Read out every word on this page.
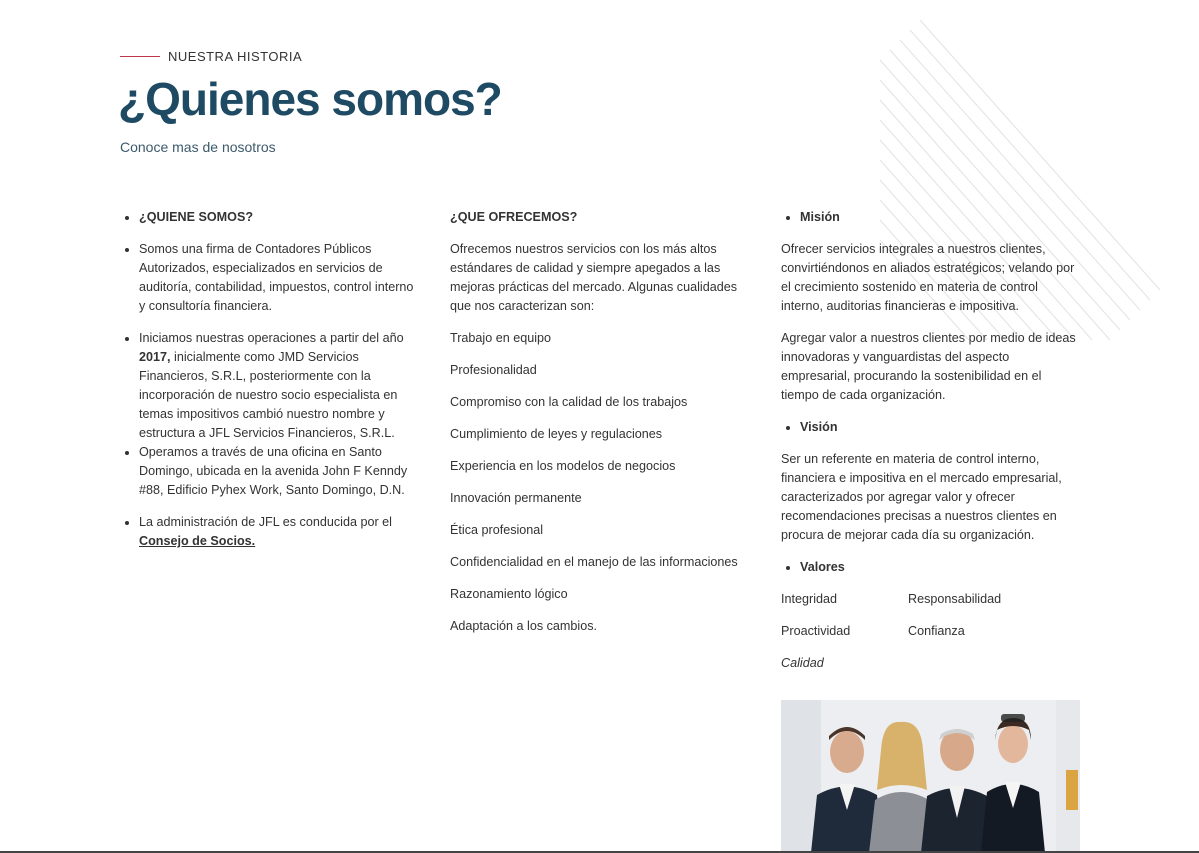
NUESTRA HISTORIA
¿Quienes somos?
Conoce mas de nosotros
• ¿QUIENE SOMOS?
• Somos una firma de Contadores Públicos Autorizados, especializados en servicios de auditoría, contabilidad, impuestos, control interno y consultoría financiera.
• Iniciamos nuestras operaciones a partir del año 2017, inicialmente como JMD Servicios Financieros, S.R.L, posteriormente con la incorporación de nuestro socio especialista en temas impositivos cambió nuestro nombre y estructura a JFL Servicios Financieros, S.R.L.
• Operamos a través de una oficina en Santo Domingo, ubicada en la avenida John F Kenndy #88, Edificio Pyhex Work, Santo Domingo, D.N.
• La administración de JFL es conducida por el Consejo de Socios.

¿QUE OFRECEMOS?

Ofrecemos nuestros servicios con los más altos estándares de calidad y siempre apegados a las mejoras prácticas del mercado. Algunas cualidades que nos caracterizan son:

Trabajo en equipo

Profesionalidad

Compromiso con la calidad de los trabajos

Cumplimiento de leyes y regulaciones

Experiencia en los modelos de negocios

Innovación permanente

Ética profesional

Confidencialidad en el manejo de las informaciones

Razonamiento lógico

Adaptación a los cambios.

• Misión

Ofrecer servicios integrales a nuestros clientes, convirtiéndonos en aliados estratégicos; velando por el crecimiento sostenido en materia de control interno, auditorias financieras e impositiva.

Agregar valor a nuestros clientes por medio de ideas innovadoras y vanguardistas del aspecto empresarial, procurando la sostenibilidad en el tiempo de cada organización.

• Visión

Ser un referente en materia de control interno, financiera e impositiva en el mercado empresarial, caracterizados por agregar valor y ofrecer recomendaciones precisas a nuestros clientes en procura de mejorar cada día su organización.

• Valores
Integridad	Responsabilidad
Proactividad	Confianza
Calidad
